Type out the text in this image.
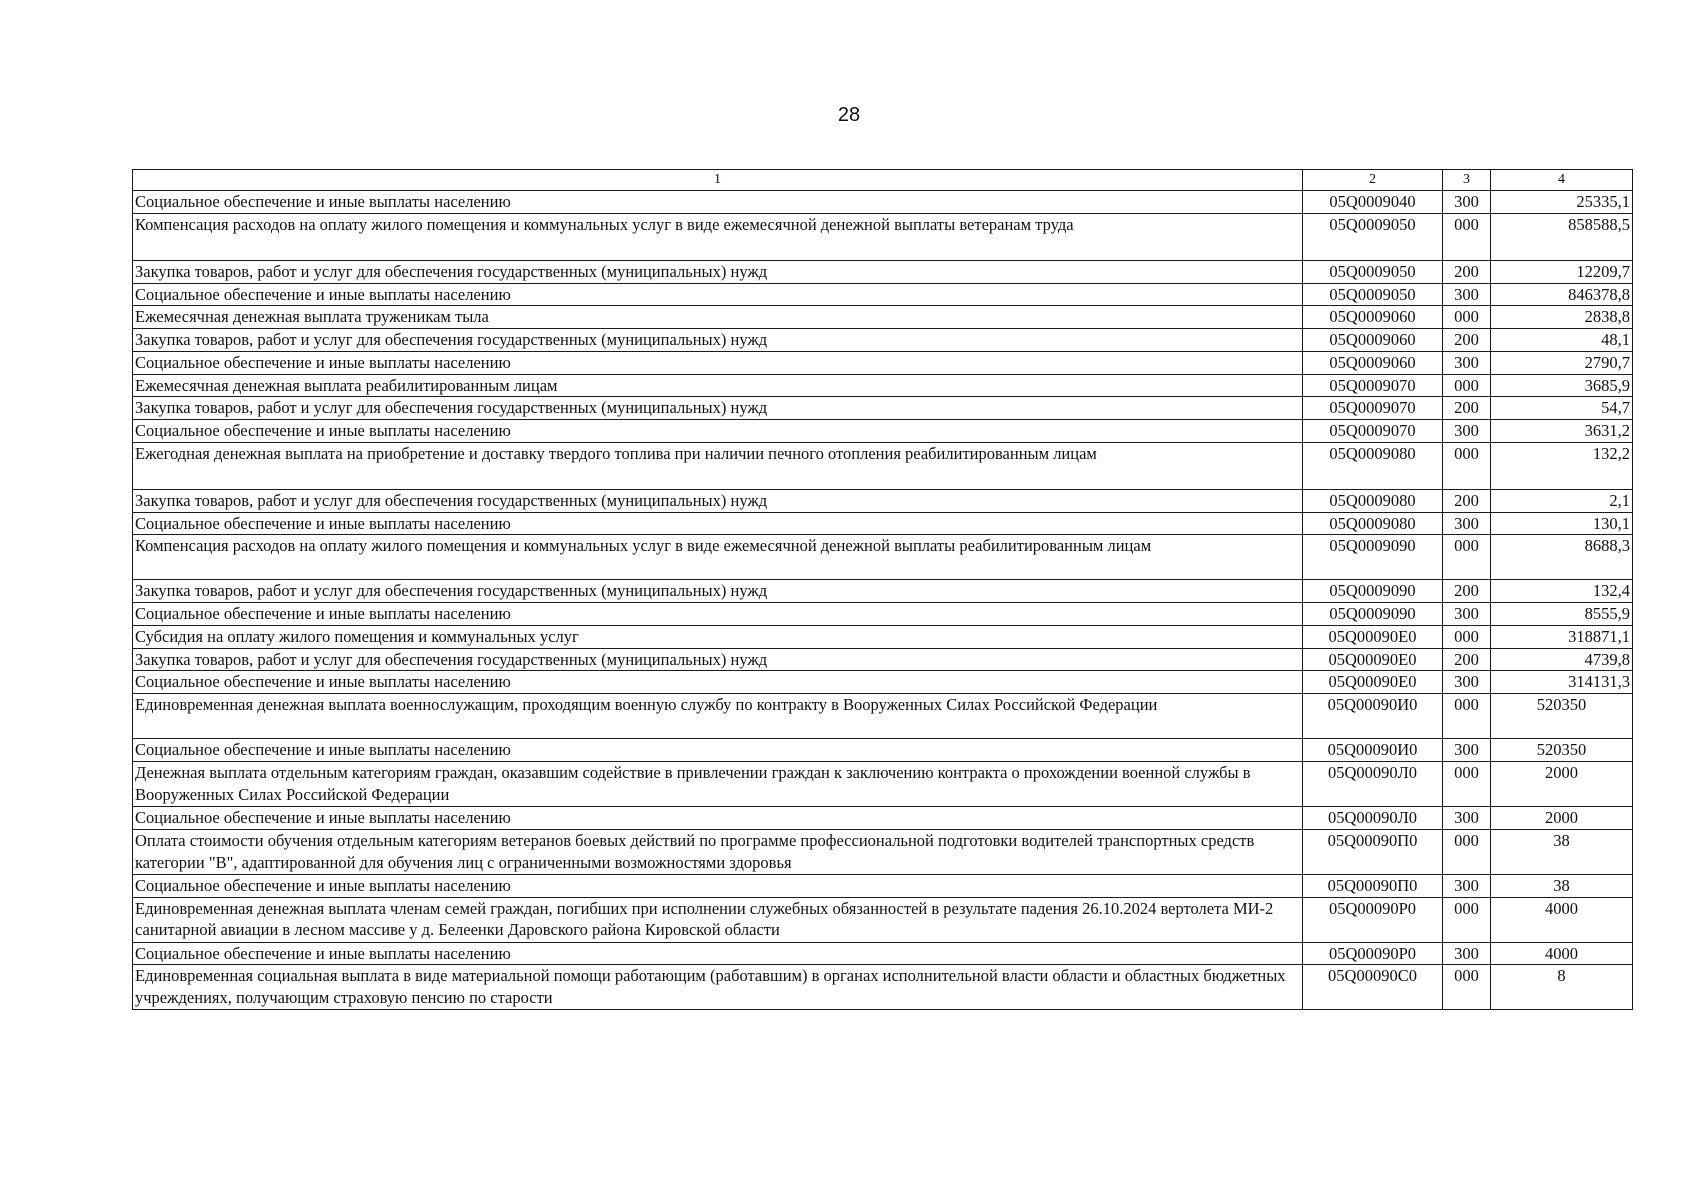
28
1	2	3	4
Социальное обеспечение и иные выплаты населению	05Q0009040	300	25335,1
Компенсация расходов на оплату жилого помещения и коммунальных услуг в виде ежемесячной денежной выплаты ветеранам труда	05Q0009050	000	858588,5
Закупка товаров, работ и услуг для обеспечения государственных (муниципальных) нужд	05Q0009050	200	12209,7
Социальное обеспечение и иные выплаты населению	05Q0009050	300	846378,8
Ежемесячная денежная выплата труженикам тыла	05Q0009060	000	2838,8
Закупка товаров, работ и услуг для обеспечения государственных (муниципальных) нужд	05Q0009060	200	48,1
Социальное обеспечение и иные выплаты населению	05Q0009060	300	2790,7
Ежемесячная денежная выплата реабилитированным лицам	05Q0009070	000	3685,9
Закупка товаров, работ и услуг для обеспечения государственных (муниципальных) нужд	05Q0009070	200	54,7
Социальное обеспечение и иные выплаты населению	05Q0009070	300	3631,2
Ежегодная денежная выплата на приобретение и доставку твердого топлива при наличии печного отопления реабилитированным лицам	05Q0009080	000	132,2
Закупка товаров, работ и услуг для обеспечения государственных (муниципальных) нужд	05Q0009080	200	2,1
Социальное обеспечение и иные выплаты населению	05Q0009080	300	130,1
Компенсация расходов на оплату жилого помещения и коммунальных услуг в виде ежемесячной денежной выплаты реабилитированным лицам	05Q0009090	000	8688,3
Закупка товаров, работ и услуг для обеспечения государственных (муниципальных) нужд	05Q0009090	200	132,4
Социальное обеспечение и иные выплаты населению	05Q0009090	300	8555,9
Субсидия на оплату жилого помещения и коммунальных услуг	05Q00090E0	000	318871,1
Закупка товаров, работ и услуг для обеспечения государственных (муниципальных) нужд	05Q00090E0	200	4739,8
Социальное обеспечение и иные выплаты населению	05Q00090E0	300	314131,3
Единовременная денежная выплата военнослужащим, проходящим военную службу по контракту в Вооруженных Силах Российской Федерации	05Q00090И0	000	520350
Социальное обеспечение и иные выплаты населению	05Q00090И0	300	520350
Денежная выплата отдельным категориям граждан, оказавшим содействие в привлечении граждан к заключению контракта о прохождении военной службы в Вооруженных Силах Российской Федерации	05Q00090Л0	000	2000
Социальное обеспечение и иные выплаты населению	05Q00090Л0	300	2000
Оплата стоимости обучения отдельным категориям ветеранов боевых действий по программе профессиональной подготовки водителей транспортных средств категории "В", адаптированной для обучения лиц с ограниченными возможностями здоровья	05Q00090П0	000	38
Социальное обеспечение и иные выплаты населению	05Q00090П0	300	38
Единовременная денежная выплата членам семей граждан, погибших при исполнении служебных обязанностей в результате падения 26.10.2024 вертолета МИ-2 санитарной авиации в лесном массиве у д. Белеенки Даровского района Кировской области	05Q00090P0	000	4000
Социальное обеспечение и иные выплаты населению	05Q00090P0	300	4000
Единовременная социальная выплата в виде материальной помощи работающим (работавшим) в органах исполнительной власти области и областных бюджетных учреждениях, получающим страховую пенсию по старости	05Q00090C0	000	8
